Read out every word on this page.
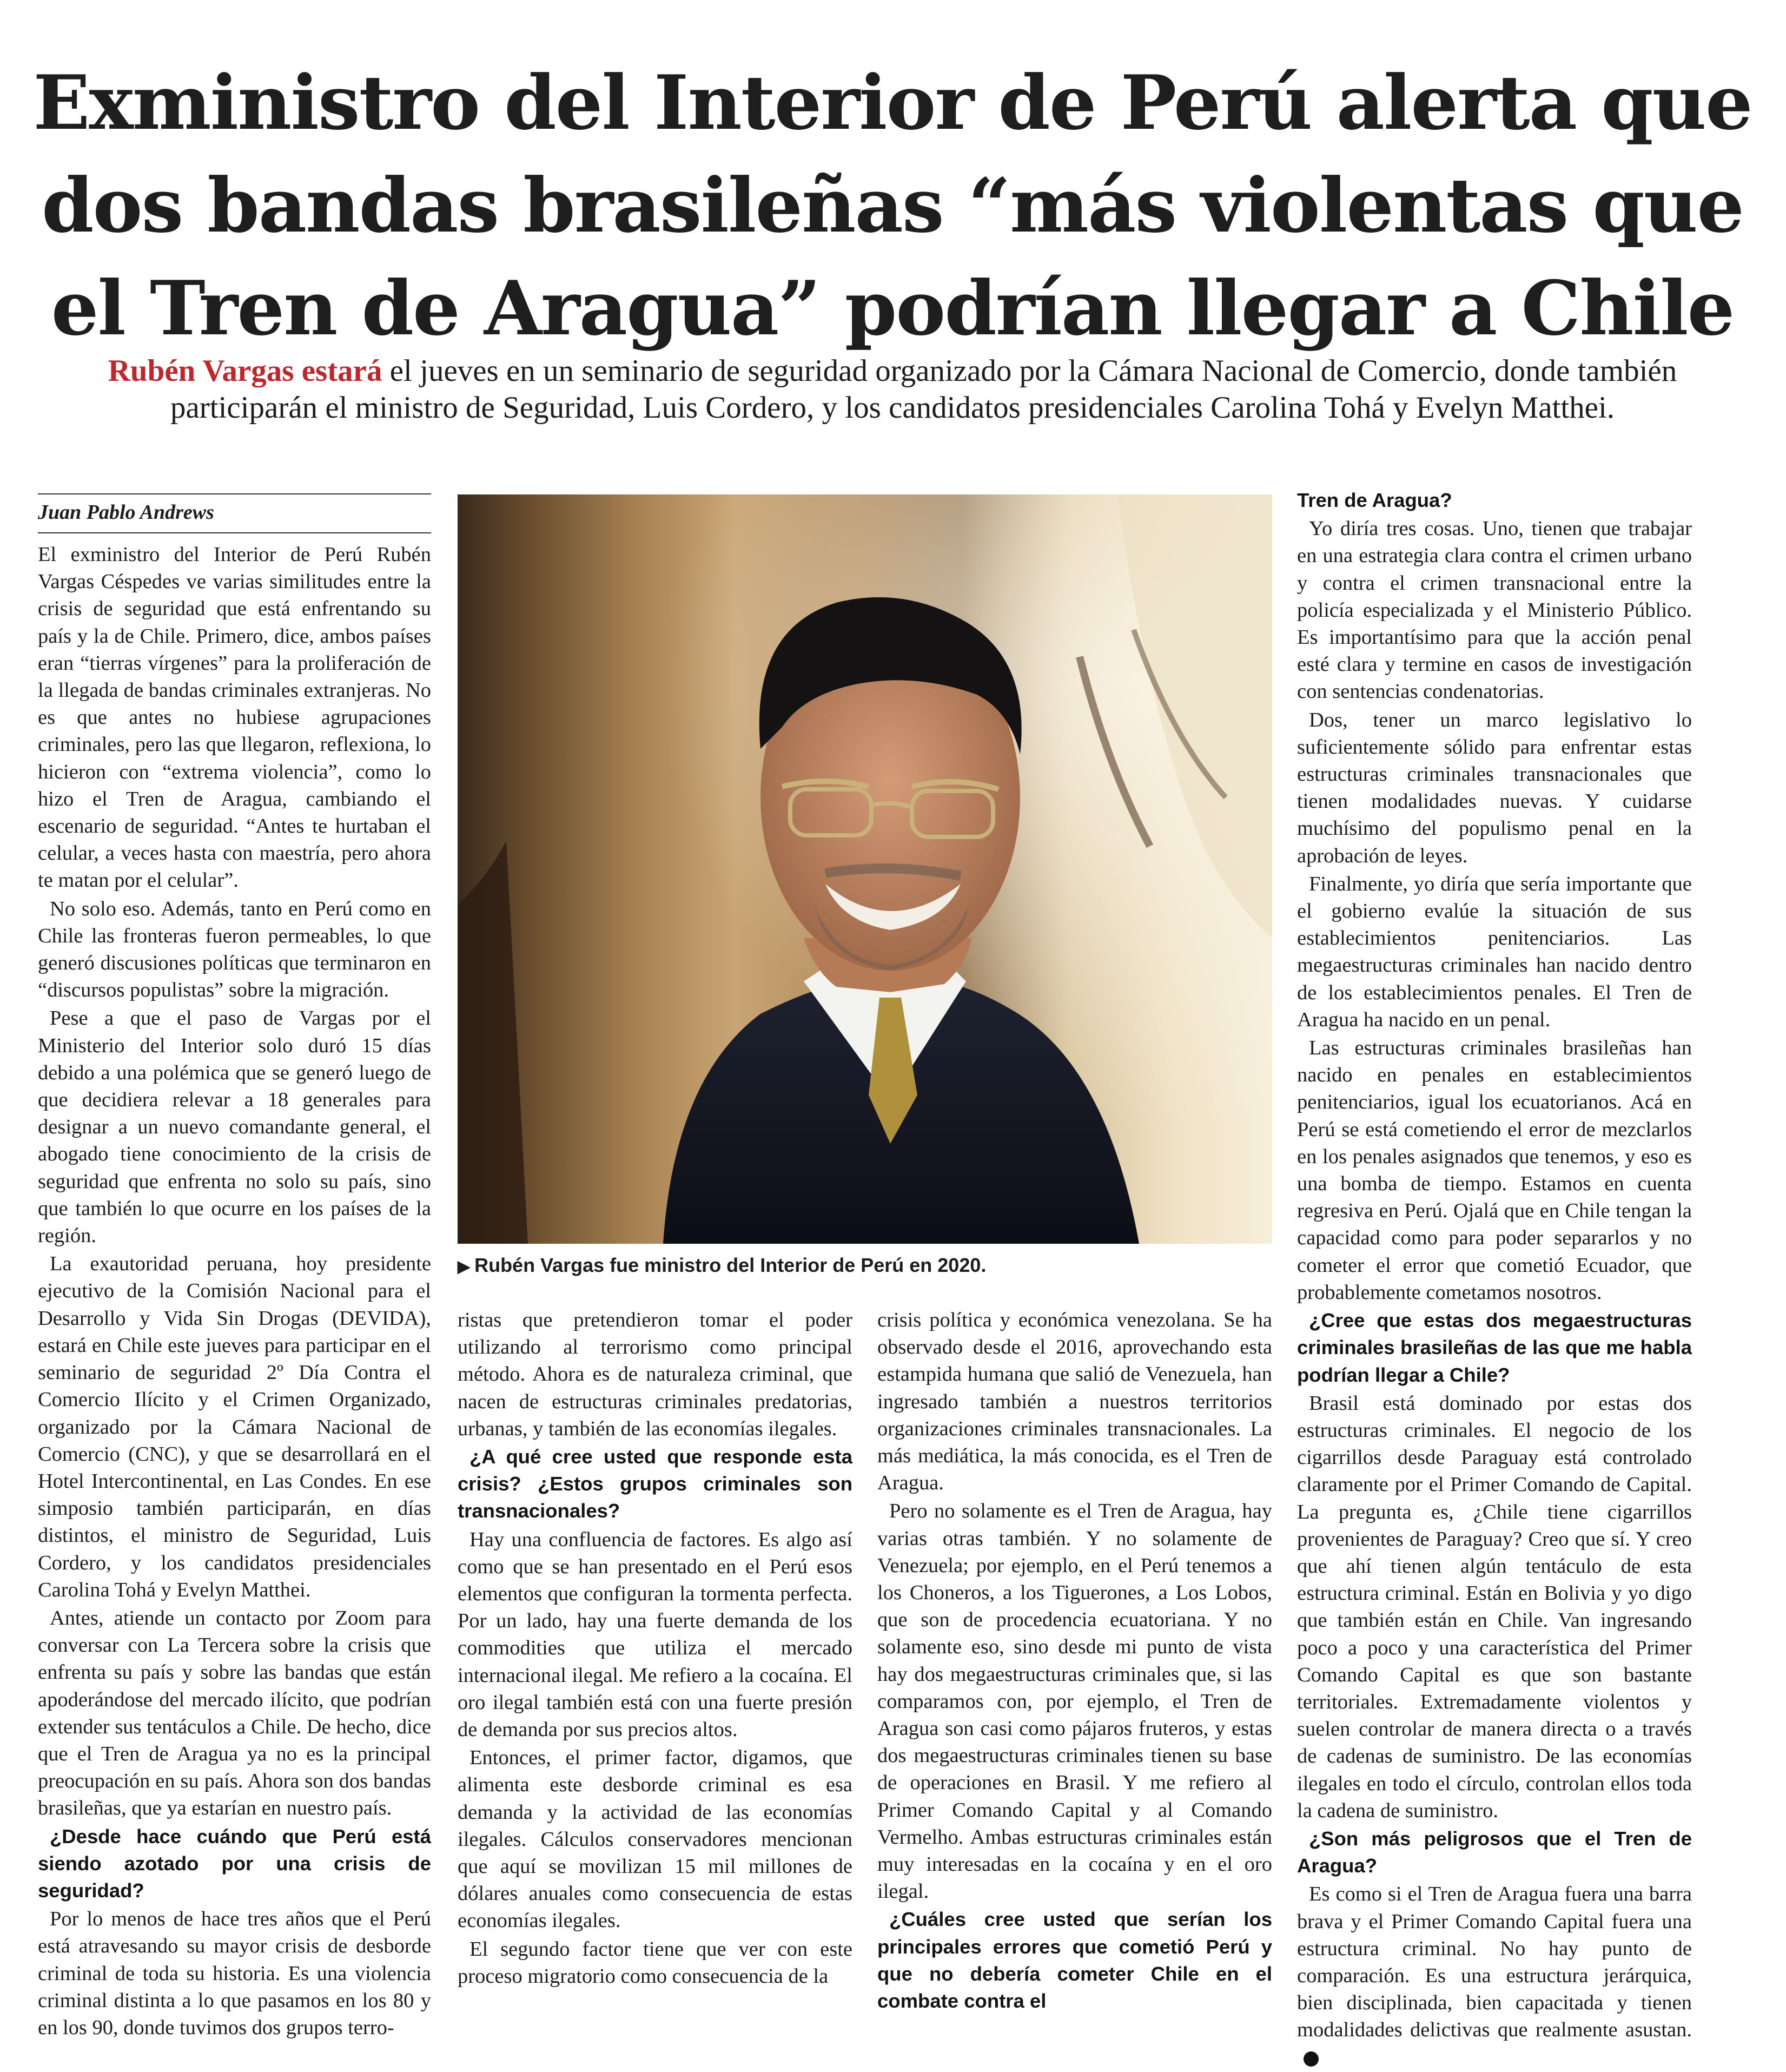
Exministro del Interior de Perú alerta que
dos bandas brasileñas “más violentas que
el Tren de Aragua” podrían llegar a Chile

Rubén Vargas estará el jueves en un seminario de seguridad organizado por la Cámara Nacional de Comercio, donde también participarán el ministro de Seguridad, Luis Cordero, y los candidatos presidenciales Carolina Tohá y Evelyn Matthei.

Juan Pablo Andrews

El exministro del Interior de Perú Rubén Vargas Céspedes ve varias similitudes entre la crisis de seguridad que está enfrentando su país y la de Chile. Primero, dice, ambos países eran “tierras vírgenes” para la proliferación de la llegada de bandas criminales extranjeras. No es que antes no hubiese agrupaciones criminales, pero las que llegaron, reflexiona, lo hicieron con “extrema violencia”, como lo hizo el Tren de Aragua, cambiando el escenario de seguridad. “Antes te hurtaban el celular, a veces hasta con maestría, pero ahora te matan por el celular”.

No solo eso. Además, tanto en Perú como en Chile las fronteras fueron permeables, lo que generó discusiones políticas que terminaron en “discursos populistas” sobre la migración.

Pese a que el paso de Vargas por el Ministerio del Interior solo duró 15 días debido a una polémica que se generó luego de que decidiera relevar a 18 generales para designar a un nuevo comandante general, el abogado tiene conocimiento de la crisis de seguridad que enfrenta no solo su país, sino que también lo que ocurre en los países de la región.

La exautoridad peruana, hoy presidente ejecutivo de la Comisión Nacional para el Desarrollo y Vida Sin Drogas (DEVIDA), estará en Chile este jueves para participar en el seminario de seguridad 2º Día Contra el Comercio Ilícito y el Crimen Organizado, organizado por la Cámara Nacional de Comercio (CNC), y que se desarrollará en el Hotel Intercontinental, en Las Condes. En ese simposio también participarán, en días distintos, el ministro de Seguridad, Luis Cordero, y los candidatos presidenciales Carolina Tohá y Evelyn Matthei.

Antes, atiende un contacto por Zoom para conversar con La Tercera sobre la crisis que enfrenta su país y sobre las bandas que están apoderándose del mercado ilícito, que podrían extender sus tentáculos a Chile. De hecho, dice que el Tren de Aragua ya no es la principal preocupación en su país. Ahora son dos bandas brasileñas, que ya estarían en nuestro país.

¿Desde hace cuándo que Perú está siendo azotado por una crisis de seguridad?

Por lo menos de hace tres años que el Perú está atravesando su mayor crisis de desborde criminal de toda su historia. Es una violencia criminal distinta a lo que pasamos en los 80 y en los 90, donde tuvimos dos grupos terro-

▶ Rubén Vargas fue ministro del Interior de Perú en 2020.

ristas que pretendieron tomar el poder utilizando al terrorismo como principal método. Ahora es de naturaleza criminal, que nacen de estructuras criminales predatorias, urbanas, y también de las economías ilegales.

¿A qué cree usted que responde esta crisis? ¿Estos grupos criminales son transnacionales?

Hay una confluencia de factores. Es algo así como que se han presentado en el Perú esos elementos que configuran la tormenta perfecta. Por un lado, hay una fuerte demanda de los commodities que utiliza el mercado internacional ilegal. Me refiero a la cocaína. El oro ilegal también está con una fuerte presión de demanda por sus precios altos.

Entonces, el primer factor, digamos, que alimenta este desborde criminal es esa demanda y la actividad de las economías ilegales. Cálculos conservadores mencionan que aquí se movilizan 15 mil millones de dólares anuales como consecuencia de estas economías ilegales.

El segundo factor tiene que ver con este proceso migratorio como consecuencia de la

crisis política y económica venezolana. Se ha observado desde el 2016, aprovechando esta estampida humana que salió de Venezuela, han ingresado también a nuestros territorios organizaciones criminales transnacionales. La más mediática, la más conocida, es el Tren de Aragua.

Pero no solamente es el Tren de Aragua, hay varias otras también. Y no solamente de Venezuela; por ejemplo, en el Perú tenemos a los Choneros, a los Tiguerones, a Los Lobos, que son de procedencia ecuatoriana. Y no solamente eso, sino desde mi punto de vista hay dos megaestructuras criminales que, si las comparamos con, por ejemplo, el Tren de Aragua son casi como pájaros fruteros, y estas dos megaestructuras criminales tienen su base de operaciones en Brasil. Y me refiero al Primer Comando Capital y al Comando Vermelho. Ambas estructuras criminales están muy interesadas en la cocaína y en el oro ilegal.

¿Cuáles cree usted que serían los principales errores que cometió Perú y que no debería cometer Chile en el combate contra el

Tren de Aragua?

Yo diría tres cosas. Uno, tienen que trabajar en una estrategia clara contra el crimen urbano y contra el crimen transnacional entre la policía especializada y el Ministerio Público. Es importantísimo para que la acción penal esté clara y termine en casos de investigación con sentencias condenatorias.

Dos, tener un marco legislativo lo suficientemente sólido para enfrentar estas estructuras criminales transnacionales que tienen modalidades nuevas. Y cuidarse muchísimo del populismo penal en la aprobación de leyes.

Finalmente, yo diría que sería importante que el gobierno evalúe la situación de sus establecimientos penitenciarios. Las megaestructuras criminales han nacido dentro de los establecimientos penales. El Tren de Aragua ha nacido en un penal.

Las estructuras criminales brasileñas han nacido en penales en establecimientos penitenciarios, igual los ecuatorianos. Acá en Perú se está cometiendo el error de mezclarlos en los penales asignados que tenemos, y eso es una bomba de tiempo. Estamos en cuenta regresiva en Perú. Ojalá que en Chile tengan la capacidad como para poder separarlos y no cometer el error que cometió Ecuador, que probablemente cometamos nosotros.

¿Cree que estas dos megaestructuras criminales brasileñas de las que me habla podrían llegar a Chile?

Brasil está dominado por estas dos estructuras criminales. El negocio de los cigarrillos desde Paraguay está controlado claramente por el Primer Comando de Capital. La pregunta es, ¿Chile tiene cigarrillos provenientes de Paraguay? Creo que sí. Y creo que ahí tienen algún tentáculo de esta estructura criminal. Están en Bolivia y yo digo que también están en Chile. Van ingresando poco a poco y una característica del Primer Comando Capital es que son bastante territoriales. Extremadamente violentos y suelen controlar de manera directa o a través de cadenas de suministro. De las economías ilegales en todo el círculo, controlan ellos toda la cadena de suministro.

¿Son más peligrosos que el Tren de Aragua?

Es como si el Tren de Aragua fuera una barra brava y el Primer Comando Capital fuera una estructura criminal. No hay punto de comparación. Es una estructura jerárquica, bien disciplinada, bien capacitada y tienen modalidades delictivas que realmente asustan.
